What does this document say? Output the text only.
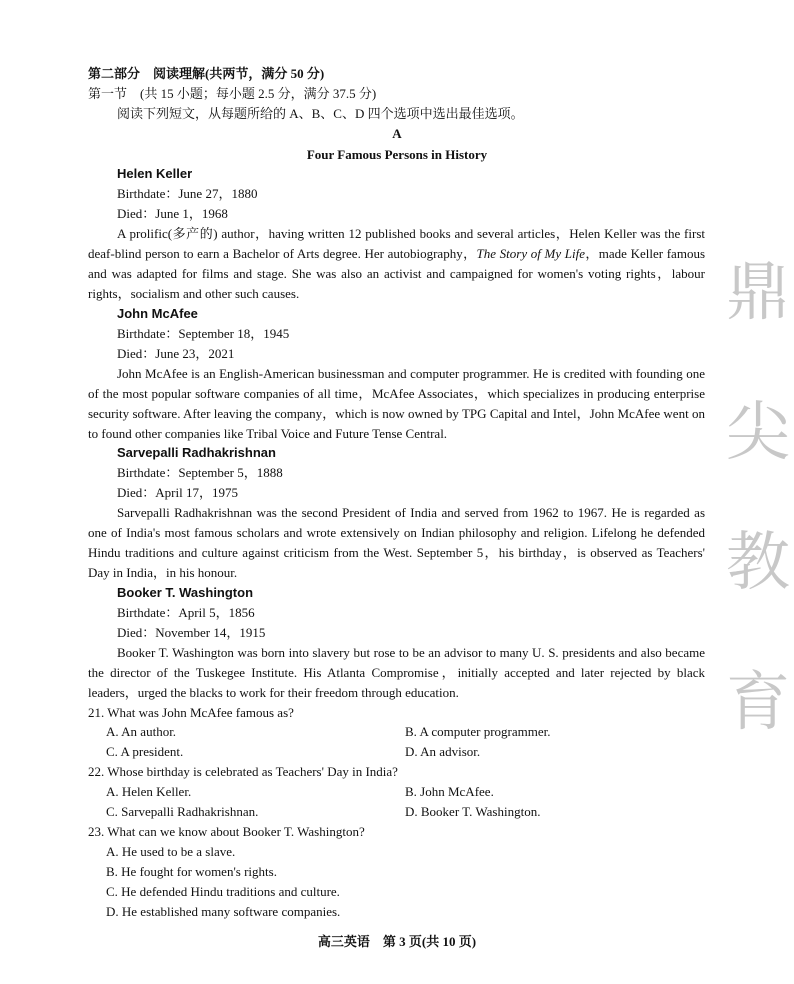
鼎
尖
教
育
第二部分　阅读理解(共两节，满分 50 分)
第一节　(共 15 小题；每小题 2.5 分，满分 37.5 分)
阅读下列短文，从每题所给的 A、B、C、D 四个选项中选出最佳选项。
A
Four Famous Persons in History
Helen Keller
Birthdate：June 27，1880
Died：June 1，1968
A prolific(多产的) author，having written 12 published books and several articles，Helen Keller was the first deaf-blind person to earn a Bachelor of Arts degree. Her autobiography，The Story of My Life，made Keller famous and was adapted for films and stage. She was also an activist and campaigned for women's voting rights，labour rights，socialism and other such causes.
John McAfee
Birthdate：September 18，1945
Died：June 23，2021
John McAfee is an English-American businessman and computer programmer. He is credited with founding one of the most popular software companies of all time，McAfee Associates，which specializes in producing enterprise security software. After leaving the company，which is now owned by TPG Capital and Intel，John McAfee went on to found other companies like Tribal Voice and Future Tense Central.
Sarvepalli Radhakrishnan
Birthdate：September 5，1888
Died：April 17，1975
Sarvepalli Radhakrishnan was the second President of India and served from 1962 to 1967. He is regarded as one of India's most famous scholars and wrote extensively on Indian philosophy and religion. Lifelong he defended Hindu traditions and culture against criticism from the West. September 5，his birthday，is observed as Teachers' Day in India，in his honour.
Booker T. Washington
Birthdate：April 5，1856
Died：November 14，1915
Booker T. Washington was born into slavery but rose to be an advisor to many U. S. presidents and also became the director of the Tuskegee Institute. His Atlanta Compromise，initially accepted and later rejected by black leaders，urged the blacks to work for their freedom through education.
21. What was John McAfee famous as?
A. An author.	B. A computer programmer.
C. A president.	D. An advisor.
22. Whose birthday is celebrated as Teachers' Day in India?
A. Helen Keller.	B. John McAfee.
C. Sarvepalli Radhakrishnan.	D. Booker T. Washington.
23. What can we know about Booker T. Washington?
A. He used to be a slave.
B. He fought for women's rights.
C. He defended Hindu traditions and culture.
D. He established many software companies.
高三英语　第 3 页(共 10 页)
